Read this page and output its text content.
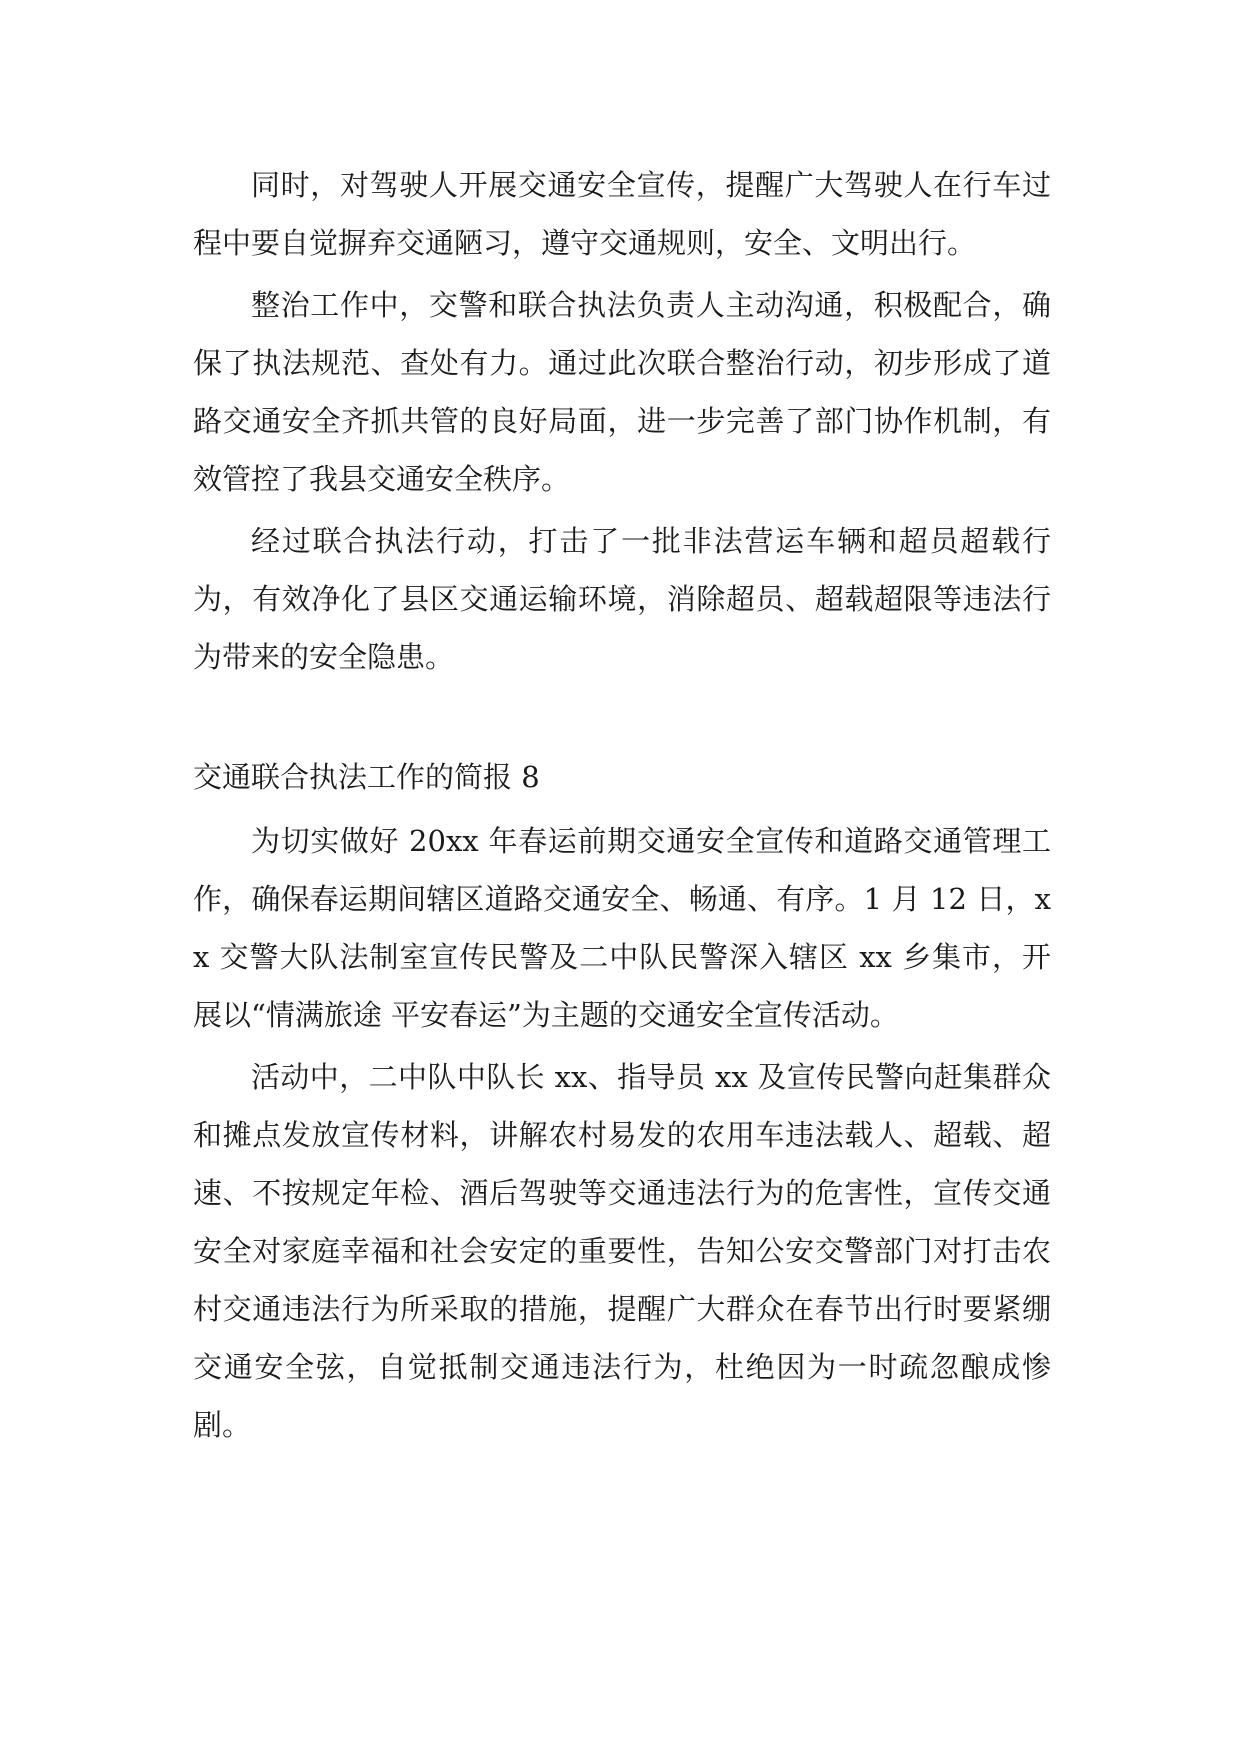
同时，对驾驶人开展交通安全宣传，提醒广大驾驶人在行车过程中要自觉摒弃交通陋习，遵守交通规则，安全、文明出行。

整治工作中，交警和联合执法负责人主动沟通，积极配合，确保了执法规范、查处有力。通过此次联合整治行动，初步形成了道路交通安全齐抓共管的良好局面，进一步完善了部门协作机制，有效管控了我县交通安全秩序。

经过联合执法行动，打击了一批非法营运车辆和超员超载行为，有效净化了县区交通运输环境，消除超员、超载超限等违法行为带来的安全隐患。

交通联合执法工作的简报 8

为切实做好 20xx 年春运前期交通安全宣传和道路交通管理工作，确保春运期间辖区道路交通安全、畅通、有序。1 月 12 日，xx 交警大队法制室宣传民警及二中队民警深入辖区 xx 乡集市，开展以“情满旅途 平安春运”为主题的交通安全宣传活动。

活动中，二中队中队长 xx、指导员 xx 及宣传民警向赶集群众和摊点发放宣传材料，讲解农村易发的农用车违法载人、超载、超速、不按规定年检、酒后驾驶等交通违法行为的危害性，宣传交通安全对家庭幸福和社会安定的重要性，告知公安交警部门对打击农村交通违法行为所采取的措施，提醒广大群众在春节出行时要紧绷交通安全弦，自觉抵制交通违法行为，杜绝因为一时疏忽酿成惨剧。
